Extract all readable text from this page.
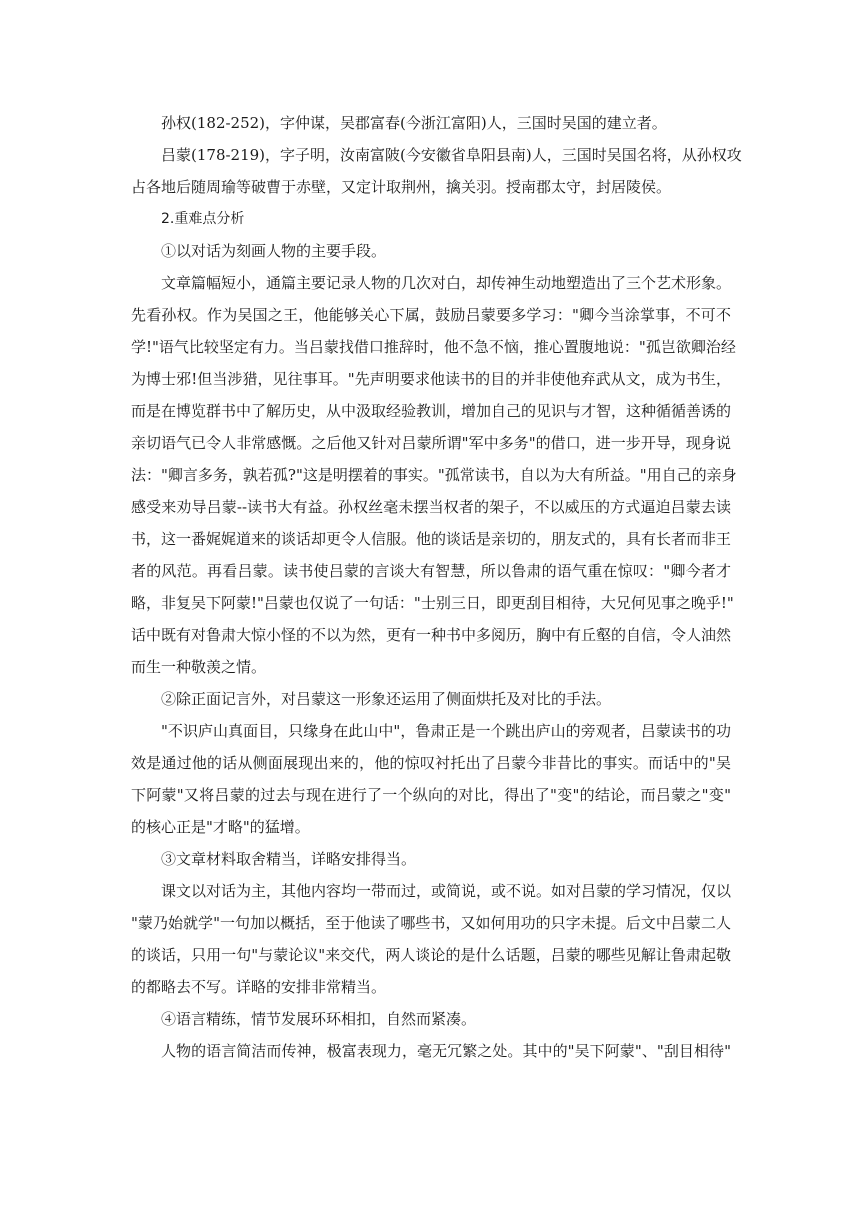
孙权(182-252)，字仲谋，吴郡富春(今浙江富阳)人，三国时吴国的建立者。
吕蒙(178-219)，字子明，汝南富陂(今安徽省阜阳县南)人，三国时吴国名将，从孙权攻
占各地后随周瑜等破曹于赤壁，又定计取荆州，擒关羽。授南郡太守，封居陵侯。
2.重难点分析
①以对话为刻画人物的主要手段。
文章篇幅短小，通篇主要记录人物的几次对白，却传神生动地塑造出了三个艺术形象。
先看孙权。作为吴国之王，他能够关心下属，鼓励吕蒙要多学习："卿今当涂掌事，不可不
学!"语气比较坚定有力。当吕蒙找借口推辞时，他不急不恼，推心置腹地说："孤岂欲卿治经
为博士邪!但当涉猎，见往事耳。"先声明要求他读书的目的并非使他弃武从文，成为书生，
而是在博览群书中了解历史，从中汲取经验教训，增加自己的见识与才智，这种循循善诱的
亲切语气已令人非常感慨。之后他又针对吕蒙所谓"军中多务"的借口，进一步开导，现身说
法："卿言多务，孰若孤?"这是明摆着的事实。"孤常读书，自以为大有所益。"用自己的亲身
感受来劝导吕蒙--读书大有益。孙权丝毫未摆当权者的架子，不以威压的方式逼迫吕蒙去读
书，这一番娓娓道来的谈话却更令人信服。他的谈话是亲切的，朋友式的，具有长者而非王
者的风范。再看吕蒙。读书使吕蒙的言谈大有智慧，所以鲁肃的语气重在惊叹："卿今者才
略，非复吴下阿蒙!"吕蒙也仅说了一句话："士别三日，即更刮目相待，大兄何见事之晚乎!"
话中既有对鲁肃大惊小怪的不以为然，更有一种书中多阅历，胸中有丘壑的自信，令人油然
而生一种敬羡之情。
②除正面记言外，对吕蒙这一形象还运用了侧面烘托及对比的手法。
"不识庐山真面目，只缘身在此山中"，鲁肃正是一个跳出庐山的旁观者，吕蒙读书的功
效是通过他的话从侧面展现出来的，他的惊叹衬托出了吕蒙今非昔比的事实。而话中的"吴
下阿蒙"又将吕蒙的过去与现在进行了一个纵向的对比，得出了"变"的结论，而吕蒙之"变"
的核心正是"才略"的猛增。
③文章材料取舍精当，详略安排得当。
课文以对话为主，其他内容均一带而过，或简说，或不说。如对吕蒙的学习情况，仅以
"蒙乃始就学"一句加以概括，至于他读了哪些书，又如何用功的只字未提。后文中吕蒙二人
的谈话，只用一句"与蒙论议"来交代，两人谈论的是什么话题，吕蒙的哪些见解让鲁肃起敬
的都略去不写。详略的安排非常精当。
④语言精练，情节发展环环相扣，自然而紧凑。
人物的语言简洁而传神，极富表现力，毫无冗繁之处。其中的"吴下阿蒙"、"刮目相待"
